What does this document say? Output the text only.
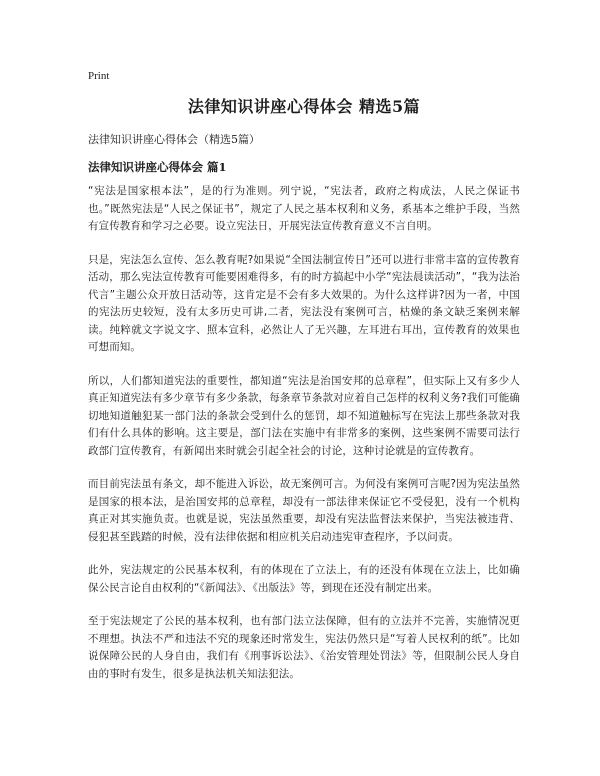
Print
法律知识讲座心得体会 精选5篇

法律知识讲座心得体会（精选5篇）

法律知识讲座心得体会 篇1

“宪法是国家根本法”，是的行为准则。列宁说，“宪法者，政府之构成法，人民之保证书也。”既然宪法是“人民之保证书”，规定了人民之基本权利和义务，系基本之维护手段，当然有宣传教育和学习之必要。设立宪法日，开展宪法宣传教育意义不言自明。

只是，宪法怎么宣传、怎么教育呢?如果说“全国法制宣传日”还可以进行非常丰富的宣传教育活动，那么宪法宣传教育可能要困难得多，有的时方搞起中小学“宪法晨读活动”，“我为法治代言”主题公众开放日活动等，这肯定是不会有多大效果的。为什么这样讲?因为一者，中国的宪法历史较短，没有太多历史可讲,二者，宪法没有案例可言，枯燥的条文缺乏案例来解读。纯粹就文字说文字、照本宣科，必然让人了无兴趣，左耳进右耳出，宣传教育的效果也可想而知。

所以，人们都知道宪法的重要性，都知道“宪法是治国安邦的总章程”，但实际上又有多少人真正知道宪法有多少章节有多少条款，每条章节条款对应着自己怎样的权利义务?我们可能确切地知道触犯某一部门法的条款会受到什么的惩罚，却不知道触标写在宪法上那些条款对我们有什么具体的影响。这主要是，部门法在实施中有非常多的案例，这些案例不需要司法行政部门宣传教育，有新闻出来时就会引起全社会的讨论，这种讨论就是的宣传教育。

而目前宪法虽有条文，却不能进入诉讼，故无案例可言。为何没有案例可言呢?因为宪法虽然是国家的根本法，是治国安邦的总章程，却没有一部法律来保证它不受侵犯，没有一个机构真正对其实施负责。也就是说，宪法虽然重要，却没有宪法监督法来保护，当宪法被违背、侵犯甚至践踏的时候，没有法律依据和相应机关启动违宪审查程序，予以问责。

此外，宪法规定的公民基本权利，有的体现在了立法上，有的还没有体现在立法上，比如确保公民言论自由权利的“《新闻法》、《出版法》等，到现在还没有制定出来。

至于宪法规定了公民的基本权利，也有部门法立法保障，但有的立法并不完善，实施情况更不理想。执法不严和违法不究的现象还时常发生，宪法仍然只是“写着人民权利的纸”。比如说保障公民的人身自由，我们有《刑事诉讼法》、《治安管理处罚法》等，但限制公民人身自由的事时有发生，很多是执法机关知法犯法。
